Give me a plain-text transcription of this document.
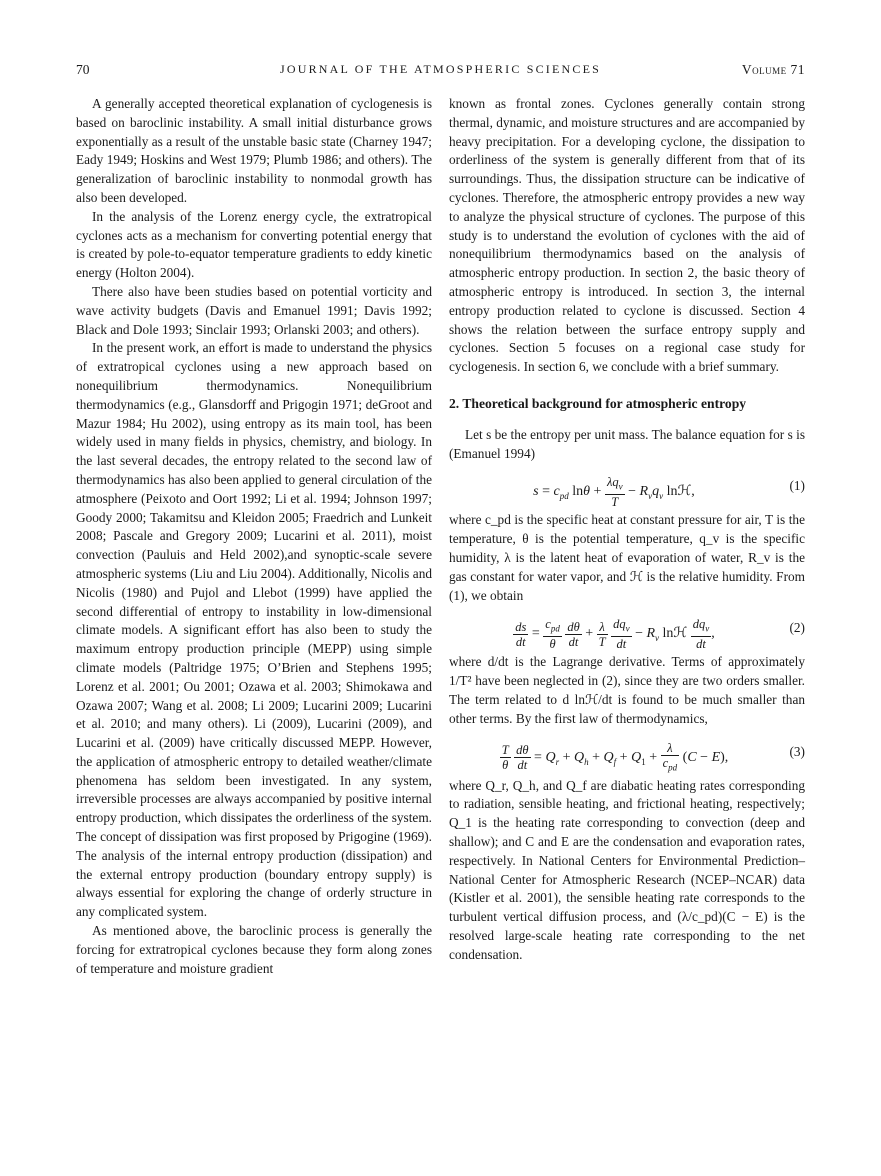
70	JOURNAL OF THE ATMOSPHERIC SCIENCES	Volume 71

A generally accepted theoretical explanation of cyclogenesis is based on baroclinic instability. A small initial disturbance grows exponentially as a result of the unstable basic state (Charney 1947; Eady 1949; Hoskins and West 1979; Plumb 1986; and others). The generalization of baroclinic instability to nonmodal growth has also been developed.

In the analysis of the Lorenz energy cycle, the extratropical cyclones acts as a mechanism for converting potential energy that is created by pole-to-equator temperature gradients to eddy kinetic energy (Holton 2004).

There also have been studies based on potential vorticity and wave activity budgets (Davis and Emanuel 1991; Davis 1992; Black and Dole 1993; Sinclair 1993; Orlanski 2003; and others).

In the present work, an effort is made to understand the physics of extratropical cyclones using a new approach based on nonequilibrium thermodynamics. Nonequilibrium thermodynamics (e.g., Glansdorff and Prigogin 1971; deGroot and Mazur 1984; Hu 2002), using entropy as its main tool, has been widely used in many fields in physics, chemistry, and biology. In the last several decades, the entropy related to the second law of thermodynamics has also been applied to general circulation of the atmosphere (Peixoto and Oort 1992; Li et al. 1994; Johnson 1997; Goody 2000; Takamitsu and Kleidon 2005; Fraedrich and Lunkeit 2008; Pascale and Gregory 2009; Lucarini et al. 2011), moist convection (Pauluis and Held 2002),and synoptic-scale severe atmospheric systems (Liu and Liu 2004). Additionally, Nicolis and Nicolis (1980) and Pujol and Llebot (1999) have applied the second differential of entropy to instability in low-dimensional climate models. A significant effort has also been to study the maximum entropy production principle (MEPP) using simple climate models (Paltridge 1975; O’Brien and Stephens 1995; Lorenz et al. 2001; Ou 2001; Ozawa et al. 2003; Shimokawa and Ozawa 2007; Wang et al. 2008; Li 2009; Lucarini 2009; Lucarini et al. 2010; and many others). Li (2009), Lucarini (2009), and Lucarini et al. (2009) have critically discussed MEPP. However, the application of atmospheric entropy to detailed weather/climate phenomena has seldom been investigated. In any system, irreversible processes are always accompanied by positive internal entropy production, which dissipates the orderliness of the system. The concept of dissipation was first proposed by Prigogine (1969). The analysis of the internal entropy production (dissipation) and the external entropy production (boundary entropy supply) is always essential for exploring the change of orderly structure in any complicated system.

As mentioned above, the baroclinic process is generally the forcing for extratropical cyclones because they form along zones of temperature and moisture gradient

known as frontal zones. Cyclones generally contain strong thermal, dynamic, and moisture structures and are accompanied by heavy precipitation. For a developing cyclone, the dissipation to orderliness of the system is generally different from that of its surroundings. Thus, the dissipation structure can be indicative of cyclones. Therefore, the atmospheric entropy provides a new way to analyze the physical structure of cyclones. The purpose of this study is to understand the evolution of cyclones with the aid of nonequilibrium thermodynamics based on the analysis of atmospheric entropy production. In section 2, the basic theory of atmospheric entropy is introduced. In section 3, the internal entropy production related to cyclone is discussed. Section 4 shows the relation between the surface entropy supply and cyclones. Section 5 focuses on a regional case study for cyclogenesis. In section 6, we conclude with a brief summary.

2. Theoretical background for atmospheric entropy

Let s be the entropy per unit mass. The balance equation for s is (Emanuel 1994)

$s = c_{pd}$ $\ln\theta + \frac{\lambda q_v}{T} - R_vq_v$ lnℋ,	(1)

where c_pd is the specific heat at constant pressure for air, T is the temperature, θ is the potential temperature, q_v is the specific humidity, λ is the latent heat of evaporation of water, R_v is the gas constant for water vapor, and ℋ is the relative humidity. From (1), we obtain

$\frac{ds}{dt} = \frac{c_{pd}}{\theta}$
$\frac{d\theta}{dt} + \frac{\lambda}{T}$
$\frac{dq_v}{dt} - R_v$ lnℋ $\frac{dq_v}{dt}$ ,	(2)

where d/dt is the Lagrange derivative. Terms of approximately 1/T² have been neglected in (2), since they are two orders smaller. The term related to d lnℋ/dt is found to be much smaller than other terms. By the first law of thermodynamics,

$\frac{T}{\theta}$
$\frac{d\theta}{dt} = Q_r + Q_h + Q_f + Q_1 + \frac{\lambda}{c_{pd}} (C - E)$,	(3)

where Q_r, Q_h, and Q_f are diabatic heating rates corresponding to radiation, sensible heating, and frictional heating, respectively; Q_1 is the heating rate corresponding to convection (deep and shallow); and C and E are the condensation and evaporation rates, respectively. In National Centers for Environmental Prediction–National Center for Atmospheric Research (NCEP–NCAR) data (Kistler et al. 2001), the sensible heating rate corresponds to the turbulent vertical diffusion process, and (λ/c_pd)(C − E) is the resolved large-scale heating rate corresponding to the net condensation.
